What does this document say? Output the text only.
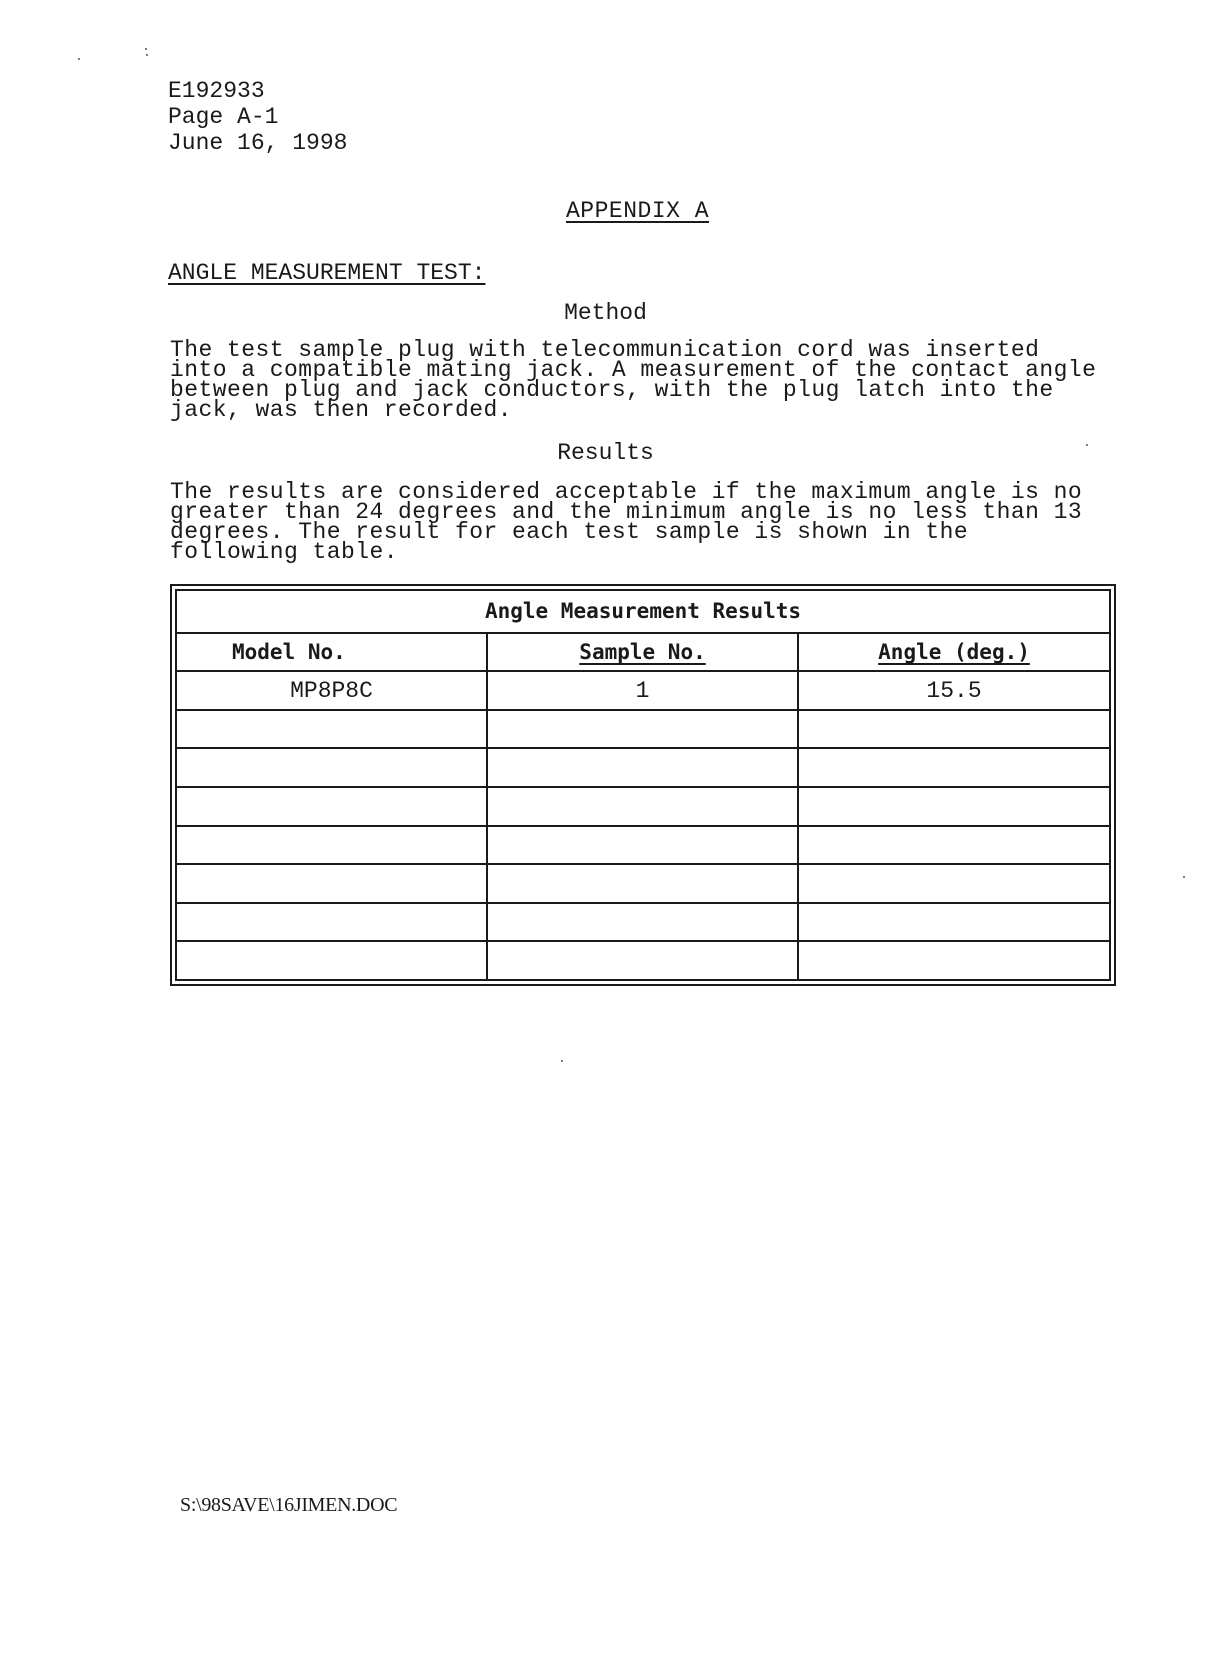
E192933
Page A-1
June 16, 1998
APPENDIX A
ANGLE MEASUREMENT TEST:
Method
The test sample plug with telecommunication cord was inserted
into a compatible mating jack. A measurement of the contact angle
between plug and jack conductors, with the plug latch into the
jack, was then recorded.
Results
The results are considered acceptable if the maximum angle is no
greater than 24 degrees and the minimum angle is no less than 13
degrees. The result for each test sample is shown in the
following table.
Angle Measurement Results		
Model No.	Sample No.	Angle (deg.)
MP8P8C	1	15.5

S:\98SAVE\16JIMEN.DOC
